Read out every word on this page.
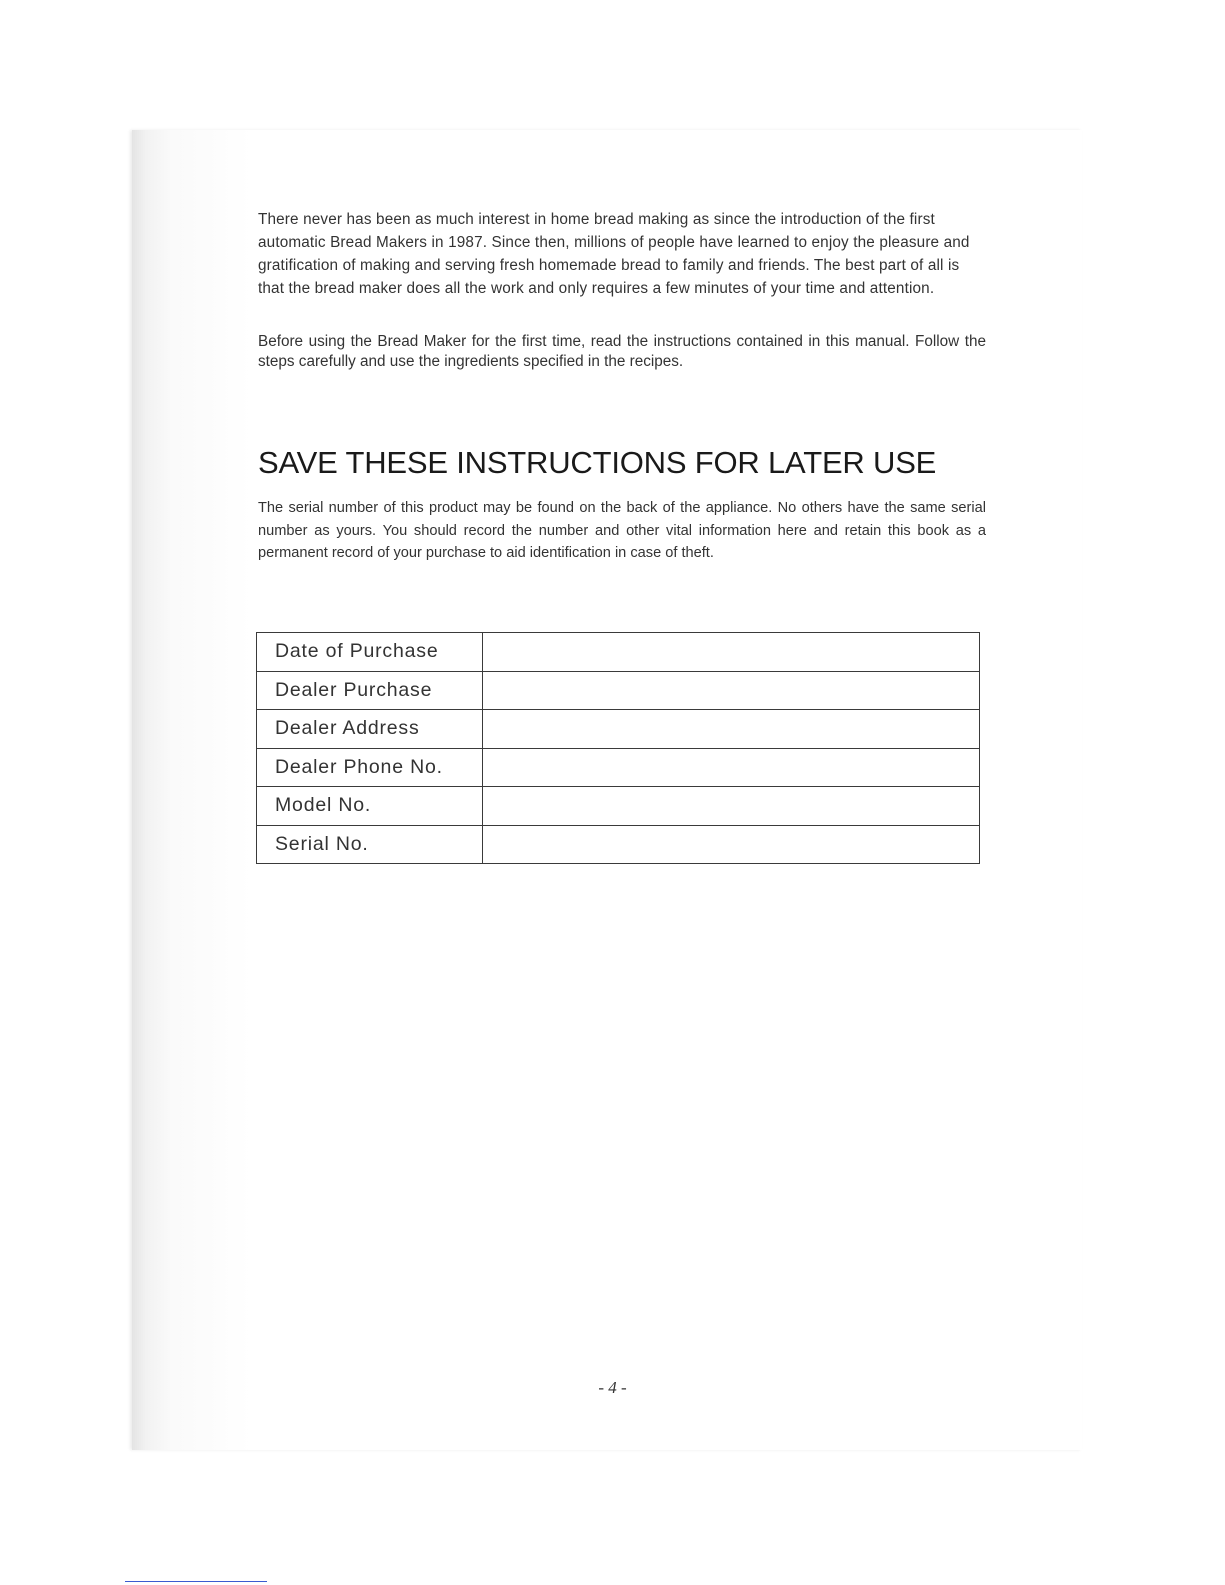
There never has been as much interest in home bread making as since the introduction of the first automatic Bread Makers in 1987. Since then, millions of people have learned to enjoy the pleasure and gratification of making and serving fresh homemade bread to family and friends. The best part of all is that the bread maker does all the work and only requires a few minutes of your time and attention.

Before using the Bread Maker for the first time, read the instructions contained in this manual. Follow the steps carefully and use the ingredients specified in the recipes.

SAVE THESE INSTRUCTIONS FOR LATER USE

The serial number of this product may be found on the back of the appliance. No others have the same serial number as yours. You should record the number and other vital information here and retain this book as a permanent record of your purchase to aid identification in case of theft.

Date of Purchase	
Dealer Purchase	
Dealer Address	
Dealer Phone No.	
Model No.	
Serial No.	
- 4 -
